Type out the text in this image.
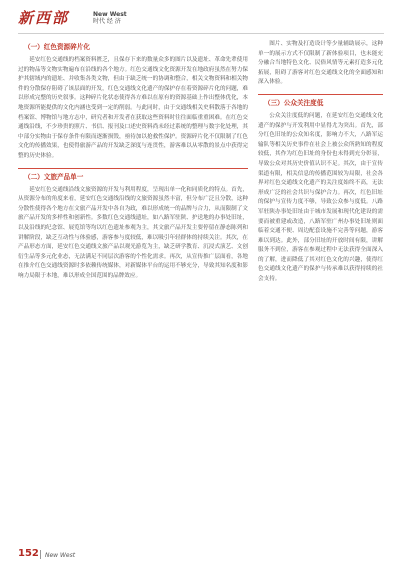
新西部	New West
时代 经 济
（一）红色资源碎片化

延安红色交通线的档案资料匮乏，且保存下来的数量众多的图片以及遗址、革命先辈使用过的物品等文物实物遍布在沿线的各个地方。红色交通线文化资源开发在地政府虽然在努力保护其辖域内的遗址、并收集各类文物，但由于缺乏统一的协调和整合，相关文物资料和相关物件的分散保存阻碍了该层面的开发，红色交通线文化遗产的保护存在着资源碎片化的问题，难以形成完整的历史叙事。这种碎片化状态使得各方难以在原有的资源基础上作出整体优化，本地资源所能提供的文化内涵也受到一定的削弱。与此同时，由于交通线相关史料散落于各地的档案馆、博物馆与地方志中，研究者和开发者在获取这些资料时往往面临重重困难。在红色交通线沿线，不少珍贵的照片、书信、报刊及口述史资料尚未经过系统的整理与数字化处理，其中部分实物由于保存条件有限而逐渐损毁，亟待加以抢救性保护。资源碎片化不仅限制了红色文化的传播效果，也使得旅游产品的开发缺乏深度与连贯性，游客难以从零散的景点中获得完整的历史体验。

（二）文旅产品单一

延安红色交通线沿线文旅资源的开发与利用程度，呈现出单一化和同质化的特点。首先，从资源分布的角度来看，延安红色交通线沿线的文旅资源虽然丰富，但分布广泛且分散，这种分散性使得各个地方在文旅产品开发中各自为政，难以形成统一的品牌与合力，从而限制了文旅产品开发的多样性和创新性。多数红色交通线遗址，如八路军驻陕、护送地的办事处旧址，以及沿线的纪念馆、展览馆等均以红色遗址参观为主，其文旅产品开发主要停留在静态陈列和讲解阶段，缺乏互动性与体验感，游客参与度较低，难以吸引年轻群体的持续关注。其次，在产品形态方面，延安红色交通线文旅产品以观光游览为主，缺乏研学教育、沉浸式演艺、文创衍生品等多元化业态，无法满足不同层次游客的个性化需求。再次，从宣传推广层面看，各地在推介红色交通线资源时多依赖传统媒体，对新媒体平台的运用不够充分，导致其知名度和影响力局限于本地，难以形成全国范围的品牌效应。

图片、实物及打造设计等少量辅助展示，这种单一的展示方式不仅限制了新体验项目，也未能充分融合当地特色文化、民俗风情等元素打造多元化拓展，阻碍了游客对红色交通线文化的全面感知和深入体验。

（三）公众关注度低

公众关注度低的问题，在延安红色交通线文化遗产的保护与开发利用中显得尤为突出。首先，部分红色旧址的公众知名度，影响力不大，八路军运输队等相关历史事件在社会上被公众所熟知的程度较低，其作为红色旧址的身份也未得到充分彰显，导致公众对其历史价值认识不足。其次，由于宣传渠道有限，相关信息的传播范围较为局限，社会各界对红色交通线文化遗产的关注度始终不高，无法形成广泛的社会共识与保护合力。再次，红色旧址的保护与宣传力度不够，导致公众参与度低。八路军驻陕办事处旧址由于城市发展和现代化建设的需要而被重建或改造，八路军驻广州办事处旧址则面临着交通不便、周边配套设施不完善等问题，游客难以到达。此外，部分旧址的开放时间有限，讲解服务不到位，游客在参观过程中无法获得全面深入的了解，进而降低了其对红色文化的兴趣，使得红色交通线文化遗产的保护与传承难以获得持续的社会支持。

152 New West
